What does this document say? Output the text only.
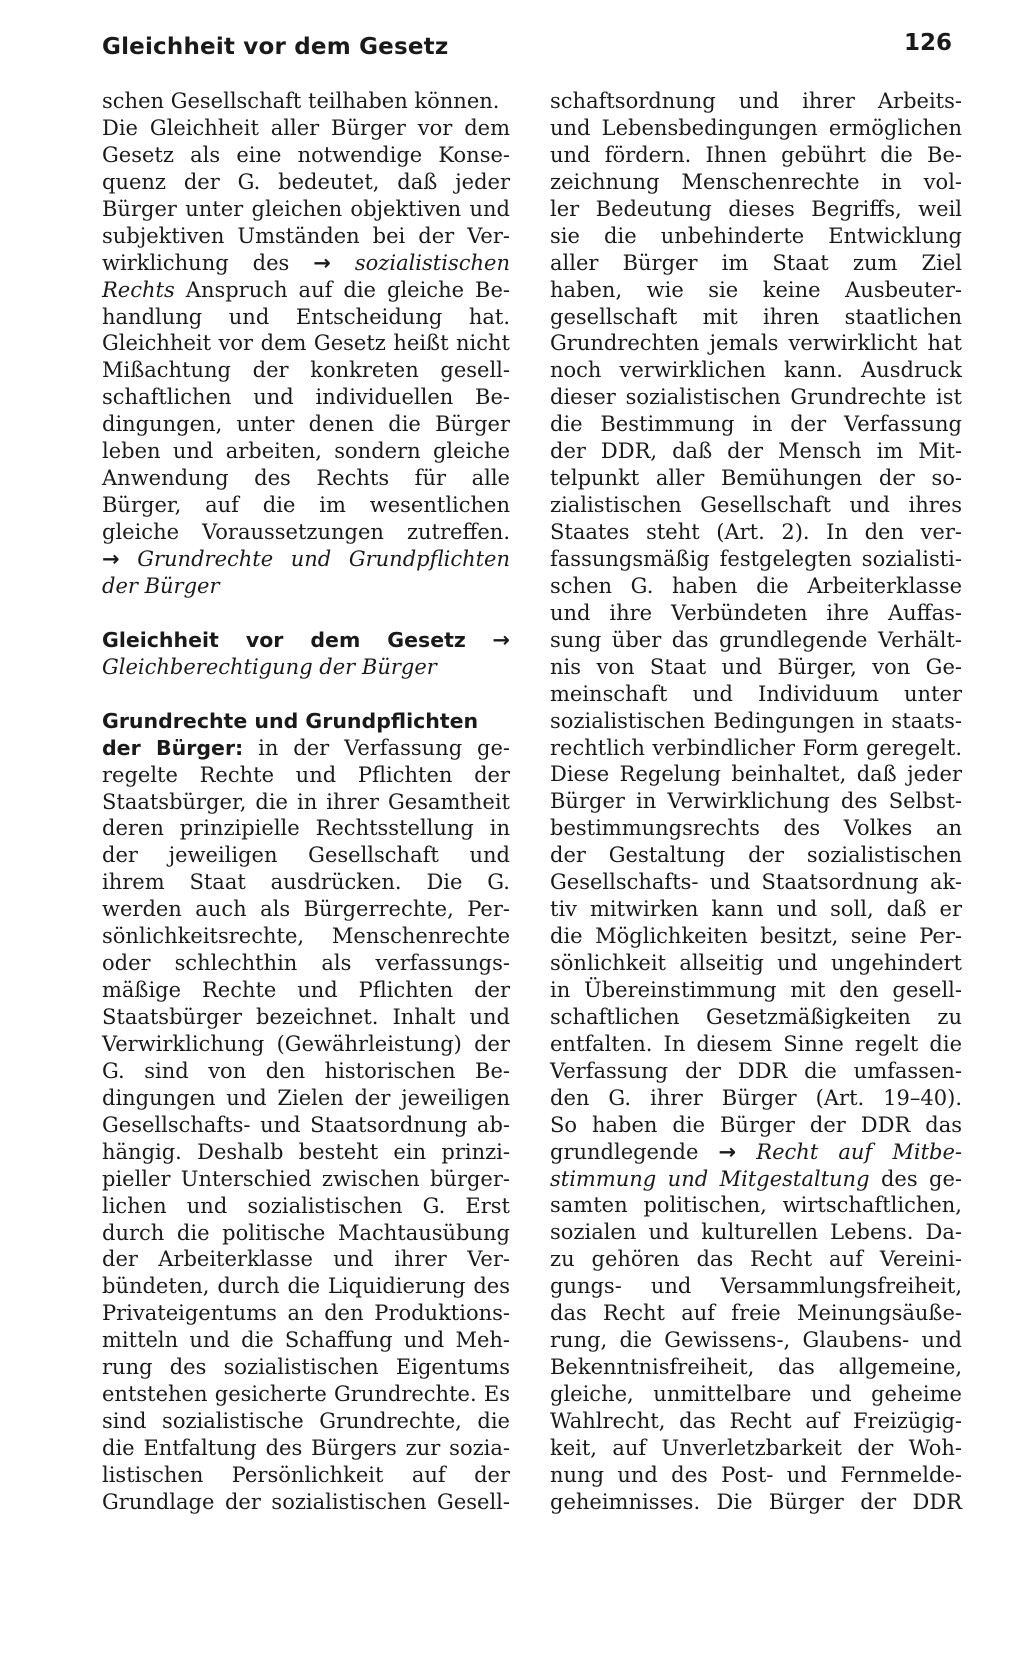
Gleichheit vor dem Gesetz	126
schen Gesellschaft teilhaben können.
Die Gleichheit aller Bürger vor dem
Gesetz als eine notwendige Konse-
quenz der G. bedeutet, daß jeder
Bürger unter gleichen objektiven und
subjektiven Umständen bei der Ver-
wirklichung des → sozialistischen
Rechts Anspruch auf die gleiche Be-
handlung und Entscheidung hat.
Gleichheit vor dem Gesetz heißt nicht
Mißachtung der konkreten gesell-
schaftlichen und individuellen Be-
dingungen, unter denen die Bürger
leben und arbeiten, sondern gleiche
Anwendung des Rechts für alle
Bürger, auf die im wesentlichen
gleiche Voraussetzungen zutreffen.
→ Grundrechte und Grundpflichten
der Bürger
Gleichheit vor dem Gesetz →
Gleichberechtigung der Bürger
Grundrechte und Grundpflichten
der Bürger: in der Verfassung ge-
regelte Rechte und Pflichten der
Staatsbürger, die in ihrer Gesamtheit
deren prinzipielle Rechtsstellung in
der jeweiligen Gesellschaft und
ihrem Staat ausdrücken. Die G.
werden auch als Bürgerrechte, Per-
sönlichkeitsrechte, Menschenrechte
oder schlechthin als verfassungs-
mäßige Rechte und Pflichten der
Staatsbürger bezeichnet. Inhalt und
Verwirklichung (Gewährleistung) der
G. sind von den historischen Be-
dingungen und Zielen der jeweiligen
Gesellschafts- und Staatsordnung ab-
hängig. Deshalb besteht ein prinzi-
pieller Unterschied zwischen bürger-
lichen und sozialistischen G. Erst
durch die politische Machtausübung
der Arbeiterklasse und ihrer Ver-
bündeten, durch die Liquidierung des
Privateigentums an den Produktions-
mitteln und die Schaffung und Meh-
rung des sozialistischen Eigentums
entstehen gesicherte Grundrechte. Es
sind sozialistische Grundrechte, die
die Entfaltung des Bürgers zur sozia-
listischen Persönlichkeit auf der
Grundlage der sozialistischen Gesell-
schaftsordnung und ihrer Arbeits-
und Lebensbedingungen ermöglichen
und fördern. Ihnen gebührt die Be-
zeichnung Menschenrechte in vol-
ler Bedeutung dieses Begriffs, weil
sie die unbehinderte Entwicklung
aller Bürger im Staat zum Ziel
haben, wie sie keine Ausbeuter-
gesellschaft mit ihren staatlichen
Grundrechten jemals verwirklicht hat
noch verwirklichen kann. Ausdruck
dieser sozialistischen Grundrechte ist
die Bestimmung in der Verfassung
der DDR, daß der Mensch im Mit-
telpunkt aller Bemühungen der so-
zialistischen Gesellschaft und ihres
Staates steht (Art. 2). In den ver-
fassungsmäßig festgelegten sozialisti-
schen G. haben die Arbeiterklasse
und ihre Verbündeten ihre Auffas-
sung über das grundlegende Verhält-
nis von Staat und Bürger, von Ge-
meinschaft und Individuum unter
sozialistischen Bedingungen in staats-
rechtlich verbindlicher Form geregelt.
Diese Regelung beinhaltet, daß jeder
Bürger in Verwirklichung des Selbst-
bestimmungsrechts des Volkes an
der Gestaltung der sozialistischen
Gesellschafts- und Staatsordnung ak-
tiv mitwirken kann und soll, daß er
die Möglichkeiten besitzt, seine Per-
sönlichkeit allseitig und ungehindert
in Übereinstimmung mit den gesell-
schaftlichen Gesetzmäßigkeiten zu
entfalten. In diesem Sinne regelt die
Verfassung der DDR die umfassen-
den G. ihrer Bürger (Art. 19–40).
So haben die Bürger der DDR das
grundlegende → Recht auf Mitbe-
stimmung und Mitgestaltung des ge-
samten politischen, wirtschaftlichen,
sozialen und kulturellen Lebens. Da-
zu gehören das Recht auf Vereini-
gungs- und Versammlungsfreiheit,
das Recht auf freie Meinungsäuße-
rung, die Gewissens-, Glaubens- und
Bekenntnisfreiheit, das allgemeine,
gleiche, unmittelbare und geheime
Wahlrecht, das Recht auf Freizügig-
keit, auf Unverletzbarkeit der Woh-
nung und des Post- und Fernmelde-
geheimnisses. Die Bürger der DDR
